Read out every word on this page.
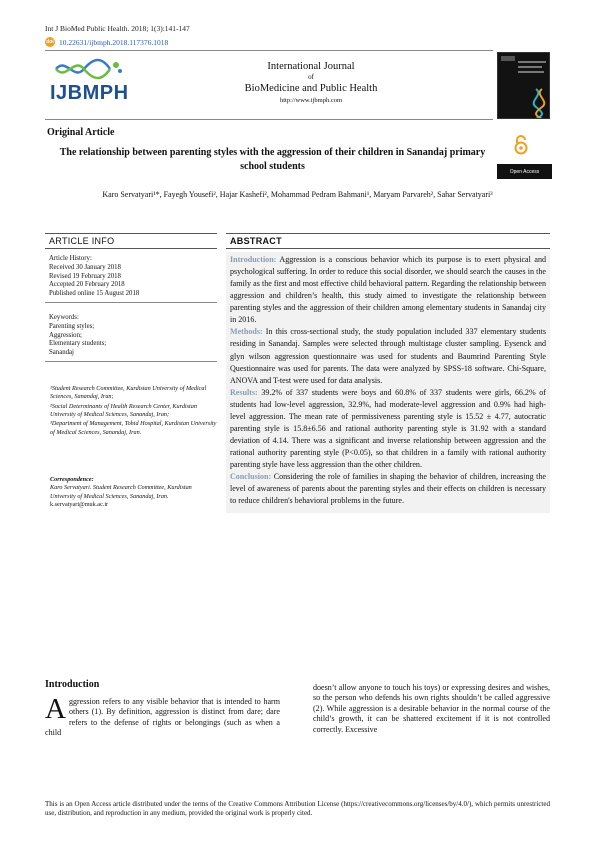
Int J BioMed Public Health. 2018; 1(3):141-147
doi 10.22631/ijbmph.2018.117376.1018
IJBMPH
International Journal
of
BioMedicine and Public Health
http://www.ijbmph.com
Original Article
Open Access
The relationship between parenting styles with the aggression of their children in Sanandaj primary school students
Karo Servatyari¹*, Fayegh Yousefi², Hajar Kashefi², Mohammad Pedram Bahmani¹, Maryam Parvareh², Sahar Servatyari³
ARTICLE INFO
Article History:
Received 30 January 2018
Revised 19 February 2018
Accepted 20 February 2018
Published online 15 August 2018
Keywords:
Parenting styles;
Aggression;
Elementary students;
Sanandaj

¹Student Research Committee, Kurdistan University of Medical Sciences, Sanandaj, Iran;

²Social Determinants of Health Research Center, Kurdistan University of Medical Sciences, Sanandaj, Iran;

³Department of Management, Tohid Hospital, Kurdistan University of Medical Sciences, Sanandaj, Iran.

Correspondence:
Karo Servatyari. Student Research Committee, Kurdistan University of Medical Sciences, Sanandaj, Iran.
k.servatyari@muk.ac.ir
ABSTRACT
Introduction: Aggression is a conscious behavior which its purpose is to exert physical and psychological suffering. In order to reduce this social disorder, we should search the causes in the family as the first and most effective child behavioral pattern. Regarding the relationship between aggression and children’s health, this study aimed to investigate the relationship between parenting styles and the aggression of their children among elementary students in Sanandaj city in 2016.
Methods: In this cross-sectional study, the study population included 337 elementary students residing in Sanandaj. Samples were selected through multistage cluster sampling. Eysenck and glyn wilson aggression questionnaire was used for students and Baumrind Parenting Style Questionnaire was used for parents. The data were analyzed by SPSS-18 software. Chi-Square, ANOVA and T-test were used for data analysis.
Results: 39.2% of 337 students were boys and 60.8% of 337 students were girls, 66.2% of students had low-level aggression, 32.9%, had moderate-level aggression and 0.9% had high-level aggression. The mean rate of permissiveness parenting style is 15.52 ± 4.77, autocratic parenting style is 15.8±6.56 and rational authority parenting style is 31.92 with a standard deviation of 4.14. There was a significant and inverse relationship between aggression and the rational authority parenting style (P<0.05), so that children in a family with rational authority parenting style have less aggression than the other children.
Conclusion: Considering the role of families in shaping the behavior of children, increasing the level of awareness of parents about the parenting styles and their effects on children is necessary to reduce children's behavioral problems in the future.
Introduction
A ggression refers to any visible behavior that is intended to harm others (1). By definition, aggression is distinct from dare; dare refers to the defense of rights or belongings (such as when a child
doesn’t allow anyone to touch his toys) or expressing desires and wishes, so the person who defends his own rights shouldn’t be called aggressive (2). While aggression is a desirable behavior in the normal course of the child’s growth, it can be shattered excitement if it is not controlled correctly. Excessive
This is an Open Access article distributed under the terms of the Creative Commons Attribution License (https://creativecommons.org/licenses/by/4.0/), which permits unrestricted use, distribution, and reproduction in any medium, provided the original work is properly cited.
